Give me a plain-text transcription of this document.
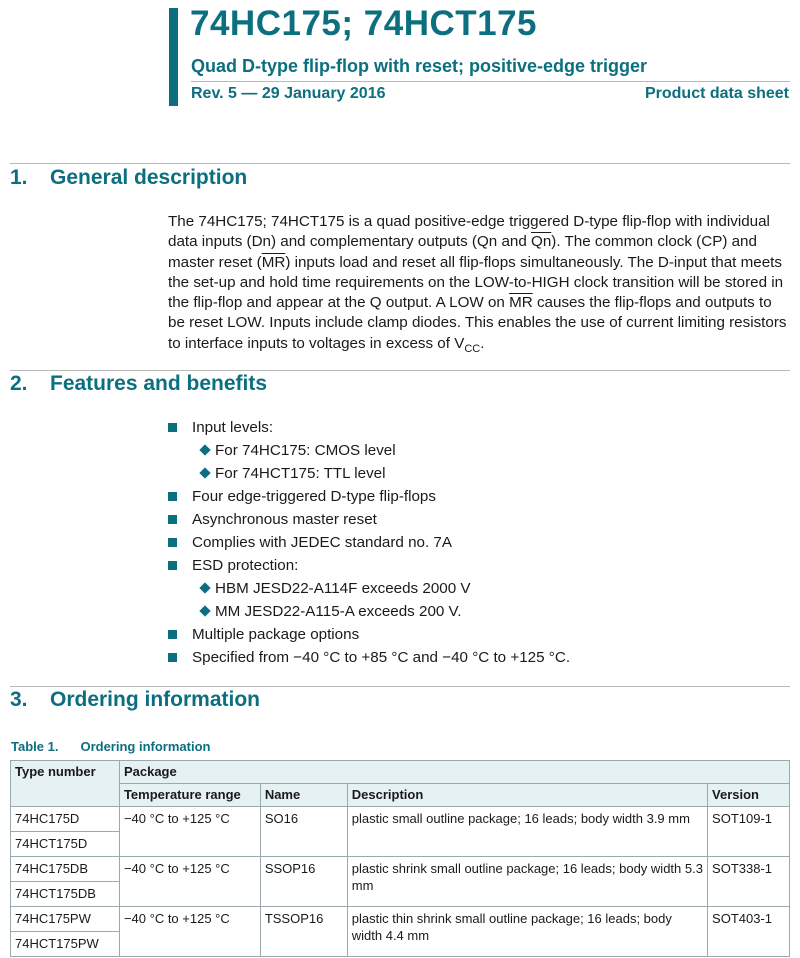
74HC175; 74HCT175
Quad D-type flip-flop with reset; positive-edge trigger
Rev. 5 — 29 January 2016	Product data sheet
1. General description

The 74HC175; 74HCT175 is a quad positive-edge triggered D-type flip-flop with individual data inputs (Dn) and complementary outputs (Qn and $\overline{Qn}$). The common clock (CP) and master reset $(\overline{MR})$ inputs load and reset all flip-flops simultaneously. The D-input that meets the set-up and hold time requirements on the LOW-to-HIGH clock transition will be stored in the flip-flop and appear at the Q output. A LOW on $\overline{MR}$ causes the flip-flops and outputs to be reset LOW. Inputs include clamp diodes. This enables the use of current limiting resistors to interface inputs to voltages in excess of $V_{CC}$.

2. Features and benefits
Input levels:
For 74HC175: CMOS level
For 74HCT175: TTL level
Four edge-triggered D-type flip-flops
Asynchronous master reset
Complies with JEDEC standard no. 7A
ESD protection:
HBM JESD22-A114F exceeds 2000 V
MM JESD22-A115-A exceeds 200 V.
Multiple package options
Specified from −40 °C to +85 °C and −40 °C to +125 °C.
3. Ordering information
Table 1. Ordering information
Type number	Package			
	Temperature range	Name	Description	Version
74HC175D	−40 °C to +125 °C	SO16	plastic small outline package; 16 leads; body width 3.9 mm	SOT109-1
74HCT175D				
74HC175DB	−40 °C to +125 °C	SSOP16	plastic shrink small outline package; 16 leads; body width 5.3 mm	SOT338-1
74HCT175DB				
74HC175PW	−40 °C to +125 °C	TSSOP16	plastic thin shrink small outline package; 16 leads; body width 4.4 mm	SOT403-1
74HCT175PW				
